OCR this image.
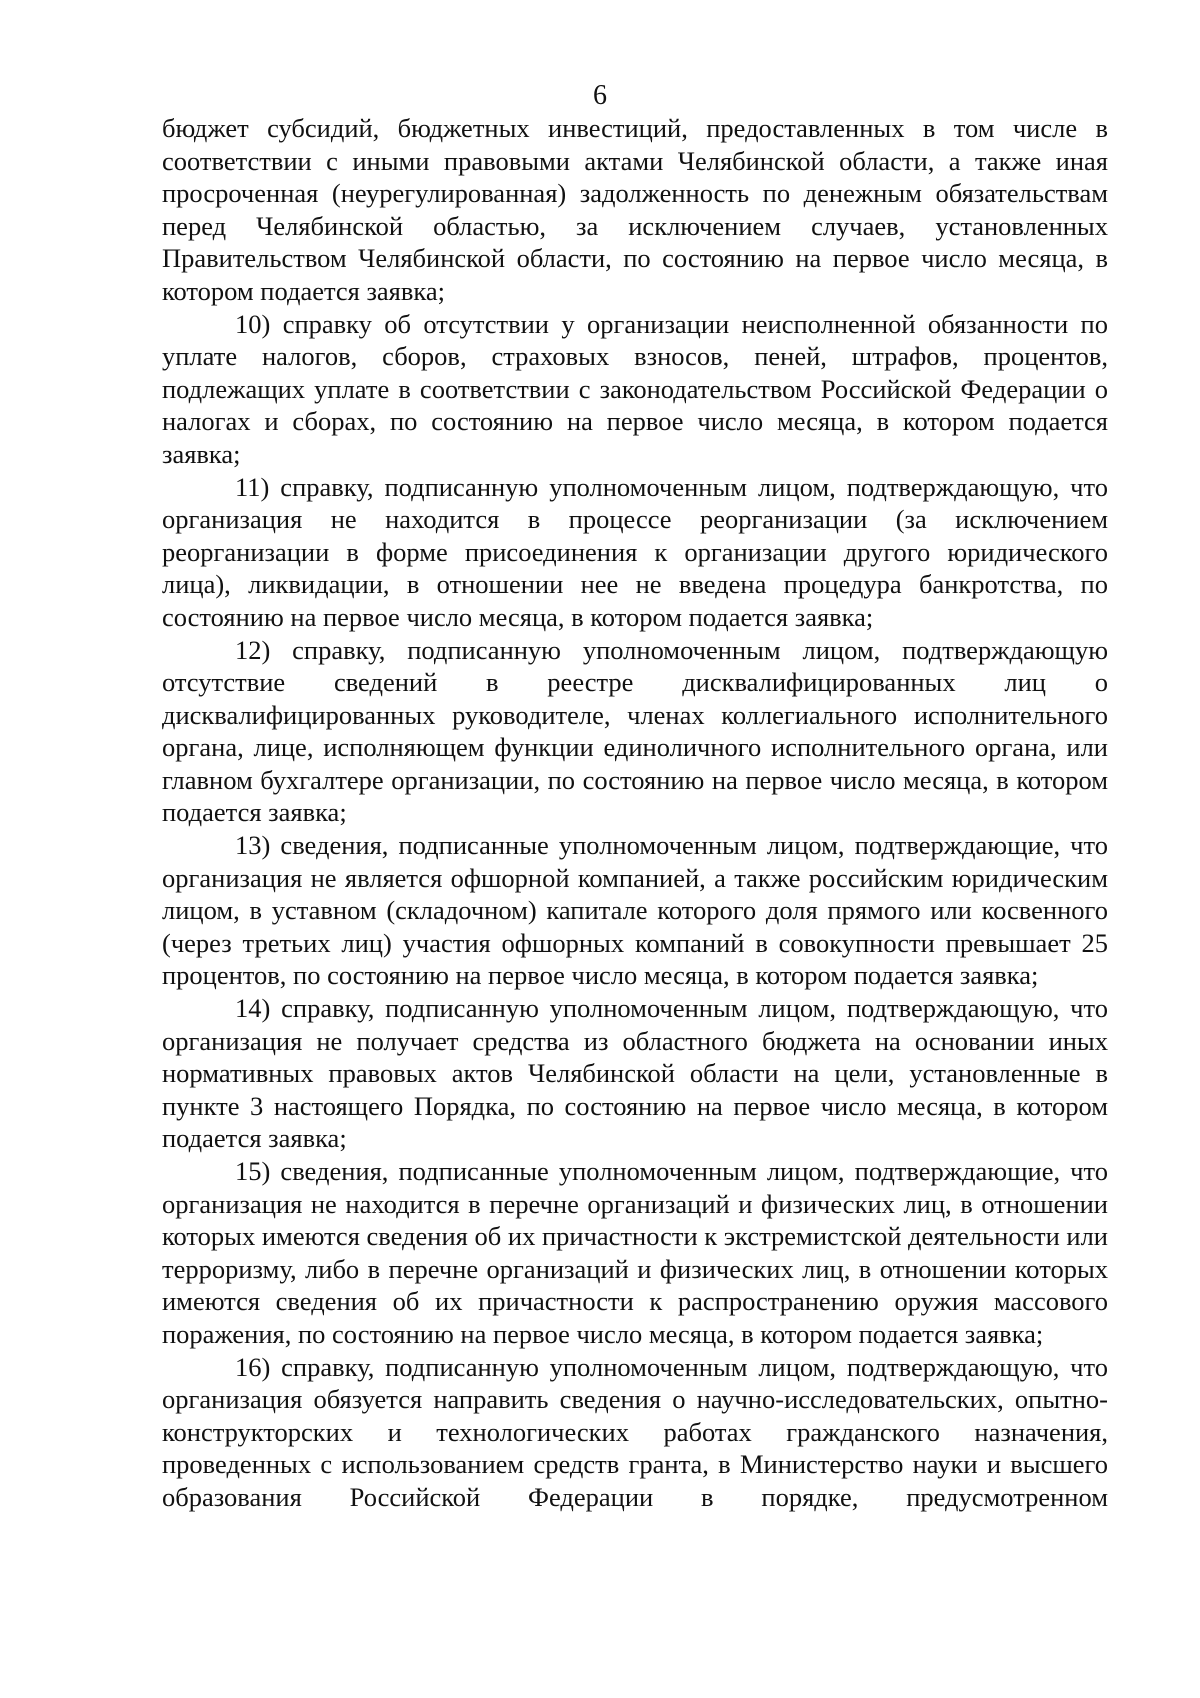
6

бюджет субсидий, бюджетных инвестиций, предоставленных в том числе в соответствии с иными правовыми актами Челябинской области, а также иная просроченная (неурегулированная) задолженность по денежным обязательствам перед Челябинской областью, за исключением случаев, установленных Правительством Челябинской области, по состоянию на первое число месяца, в котором подается заявка;

10) справку об отсутствии у организации неисполненной обязанности по уплате налогов, сборов, страховых взносов, пеней, штрафов, процентов, подлежащих уплате в соответствии с законодательством Российской Федерации о налогах и сборах, по состоянию на первое число месяца, в котором подается заявка;

11) справку, подписанную уполномоченным лицом, подтверждающую, что организация не находится в процессе реорганизации (за исключением реорганизации в форме присоединения к организации другого юридического лица), ликвидации, в отношении нее не введена процедура банкротства, по состоянию на первое число месяца, в котором подается заявка;

12) справку, подписанную уполномоченным лицом, подтверждающую отсутствие сведений в реестре дисквалифицированных лиц о дисквалифицированных руководителе, членах коллегиального исполнительного органа, лице, исполняющем функции единоличного исполнительного органа, или главном бухгалтере организации, по состоянию на первое число месяца, в котором подается заявка;

13) сведения, подписанные уполномоченным лицом, подтверждающие, что организация не является офшорной компанией, а также российским юридическим лицом, в уставном (складочном) капитале которого доля прямого или косвенного (через третьих лиц) участия офшорных компаний в совокупности превышает 25 процентов, по состоянию на первое число месяца, в котором подается заявка;

14) справку, подписанную уполномоченным лицом, подтверждающую, что организация не получает средства из областного бюджета на основании иных нормативных правовых актов Челябинской области на цели, установленные в пункте 3 настоящего Порядка, по состоянию на первое число месяца, в котором подается заявка;

15) сведения, подписанные уполномоченным лицом, подтверждающие, что организация не находится в перечне организаций и физических лиц, в отношении которых имеются сведения об их причастности к экстремистской деятельности или терроризму, либо в перечне организаций и физических лиц, в отношении которых имеются сведения об их причастности к распространению оружия массового поражения, по состоянию на первое число месяца, в котором подается заявка;

16) справку, подписанную уполномоченным лицом, подтверждающую, что организация обязуется направить сведения о научно-исследовательских, опытно-конструкторских и технологических работах гражданского назначения, проведенных с использованием средств гранта, в Министерство науки и высшего образования Российской Федерации в порядке, предусмотренном
